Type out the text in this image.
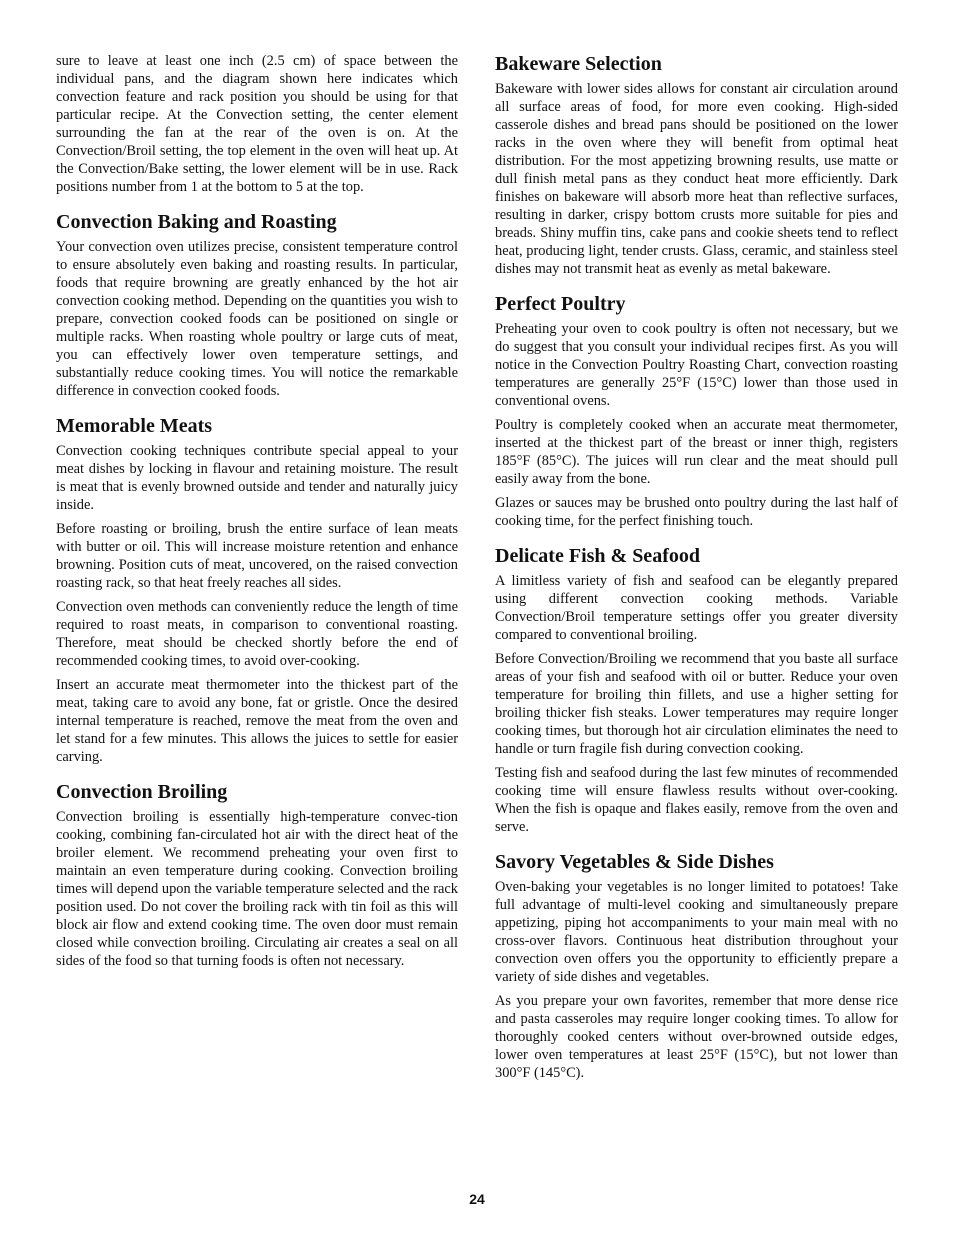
sure to leave at least one inch (2.5 cm) of space between the individual pans, and the diagram shown here indicates which convection feature and rack position you should be using for that particular recipe. At the Convection setting, the center element surrounding the fan at the rear of the oven is on. At the Convection/Broil setting, the top element in the oven will heat up. At the Convection/Bake setting, the lower element will be in use. Rack positions number from 1 at the bottom to 5 at the top.

Convection Baking and Roasting

Your convection oven utilizes precise, consistent temperature control to ensure absolutely even baking and roasting results. In particular, foods that require browning are greatly enhanced by the hot air convection cooking method. Depending on the quantities you wish to prepare, convection cooked foods can be positioned on single or multiple racks. When roasting whole poultry or large cuts of meat, you can effectively lower oven temperature settings, and substantially reduce cooking times. You will notice the remarkable difference in convection cooked foods.

Memorable Meats

Convection cooking techniques contribute special appeal to your meat dishes by locking in flavour and retaining moisture. The result is meat that is evenly browned outside and tender and naturally juicy inside.

Before roasting or broiling, brush the entire surface of lean meats with butter or oil. This will increase moisture retention and enhance browning. Position cuts of meat, uncovered, on the raised convection roasting rack, so that heat freely reaches all sides.

Convection oven methods can conveniently reduce the length of time required to roast meats, in comparison to conventional roasting. Therefore, meat should be checked shortly before the end of recommended cooking times, to avoid over-cooking.

Insert an accurate meat thermometer into the thickest part of the meat, taking care to avoid any bone, fat or gristle. Once the desired internal temperature is reached, remove the meat from the oven and let stand for a few minutes. This allows the juices to settle for easier carving.

Convection Broiling

Convection broiling is essentially high-temperature convec-tion cooking, combining fan-circulated hot air with the direct heat of the broiler element. We recommend preheating your oven first to maintain an even temperature during cooking. Convection broiling times will depend upon the variable temperature selected and the rack position used. Do not cover the broiling rack with tin foil as this will block air flow and extend cooking time. The oven door must remain closed while convection broiling. Circulating air creates a seal on all sides of the food so that turning foods is often not necessary.

Bakeware Selection

Bakeware with lower sides allows for constant air circulation around all surface areas of food, for more even cooking. High-sided casserole dishes and bread pans should be positioned on the lower racks in the oven where they will benefit from optimal heat distribution. For the most appetizing browning results, use matte or dull finish metal pans as they conduct heat more efficiently. Dark finishes on bakeware will absorb more heat than reflective surfaces, resulting in darker, crispy bottom crusts more suitable for pies and breads. Shiny muffin tins, cake pans and cookie sheets tend to reflect heat, producing light, tender crusts. Glass, ceramic, and stainless steel dishes may not transmit heat as evenly as metal bakeware.

Perfect Poultry

Preheating your oven to cook poultry is often not necessary, but we do suggest that you consult your individual recipes first. As you will notice in the Convection Poultry Roasting Chart, convection roasting temperatures are generally 25°F (15°C) lower than those used in conventional ovens.

Poultry is completely cooked when an accurate meat thermometer, inserted at the thickest part of the breast or inner thigh, registers 185°F (85°C). The juices will run clear and the meat should pull easily away from the bone.

Glazes or sauces may be brushed onto poultry during the last half of cooking time, for the perfect finishing touch.

Delicate Fish & Seafood

A limitless variety of fish and seafood can be elegantly prepared using different convection cooking methods. Variable Convection/Broil temperature settings offer you greater diversity compared to conventional broiling.

Before Convection/Broiling we recommend that you baste all surface areas of your fish and seafood with oil or butter. Reduce your oven temperature for broiling thin fillets, and use a higher setting for broiling thicker fish steaks. Lower temperatures may require longer cooking times, but thorough hot air circulation eliminates the need to handle or turn fragile fish during convection cooking.

Testing fish and seafood during the last few minutes of recommended cooking time will ensure flawless results without over-cooking. When the fish is opaque and flakes easily, remove from the oven and serve.

Savory Vegetables & Side Dishes

Oven-baking your vegetables is no longer limited to potatoes! Take full advantage of multi-level cooking and simultaneously prepare appetizing, piping hot accompaniments to your main meal with no cross-over flavors. Continuous heat distribution throughout your convection oven offers you the opportunity to efficiently prepare a variety of side dishes and vegetables.

As you prepare your own favorites, remember that more dense rice and pasta casseroles may require longer cooking times. To allow for thoroughly cooked centers without over-browned outside edges, lower oven temperatures at least 25°F (15°C), but not lower than 300°F (145°C).

24
